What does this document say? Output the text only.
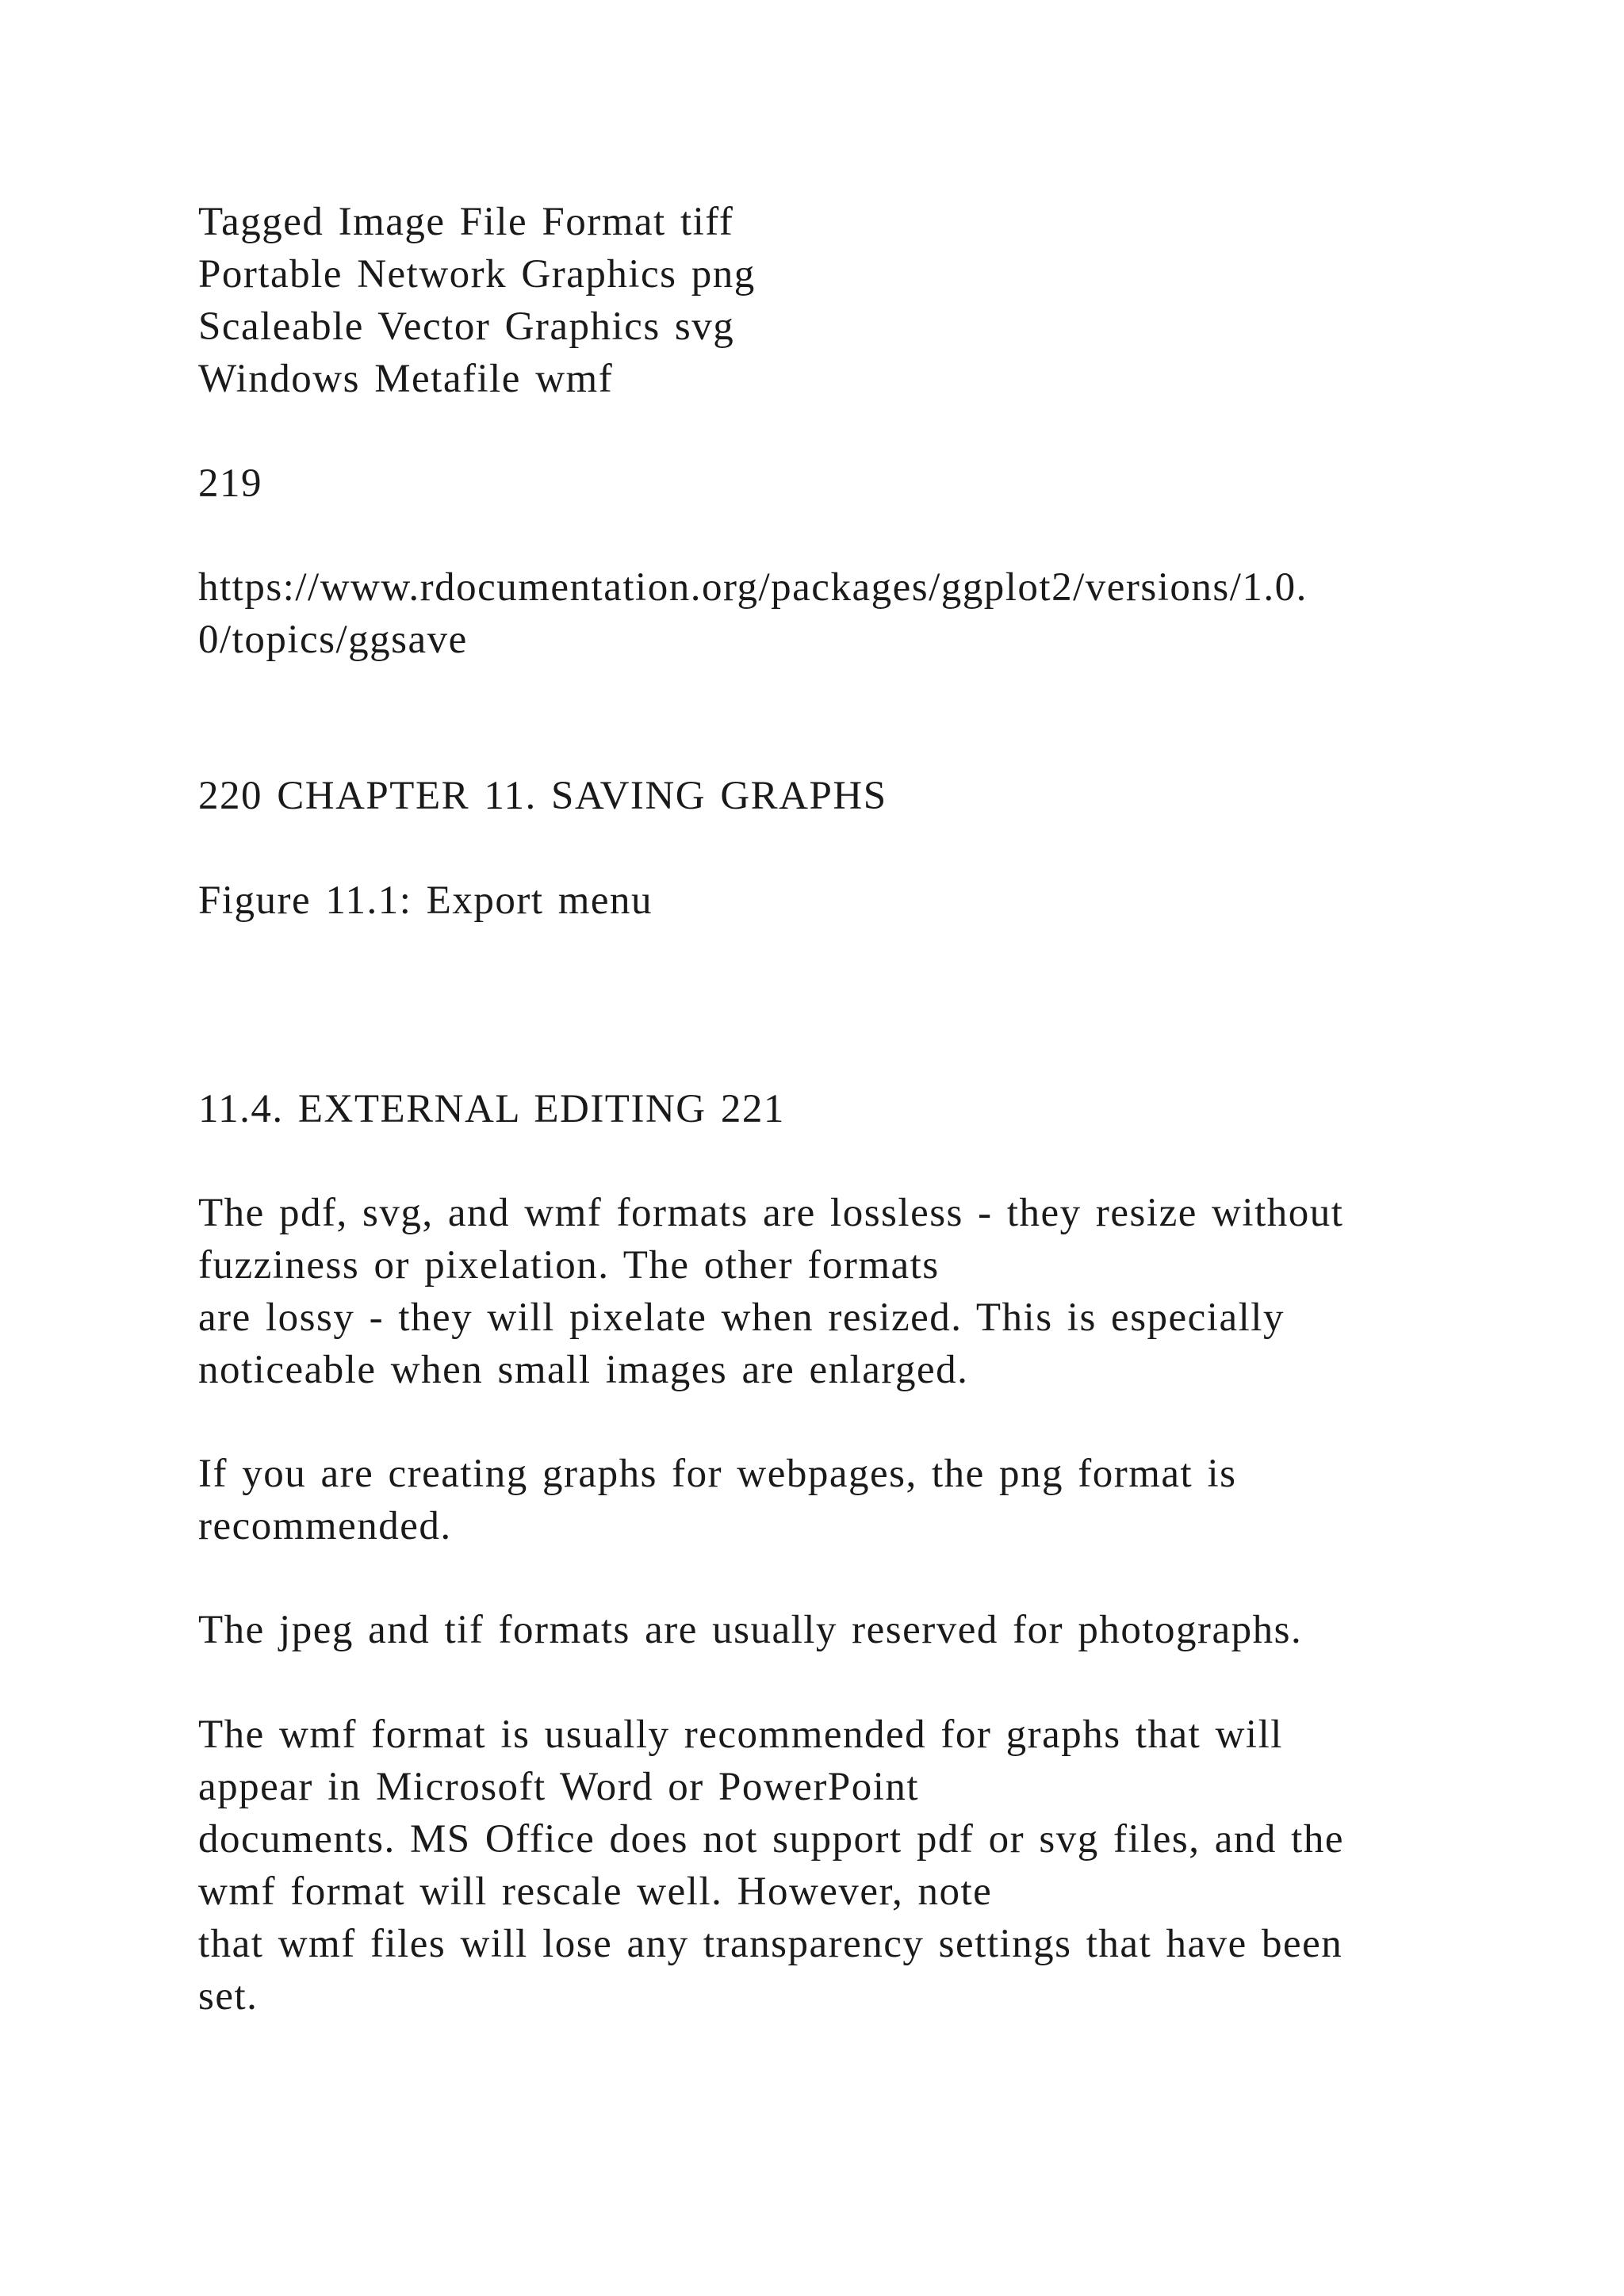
Tagged Image File Format tiff
Portable Network Graphics png
Scaleable Vector Graphics svg
Windows Metafile wmf
219
https://www.rdocumentation.org/packages/ggplot2/versions/1.0.
0/topics/ggsave
220 CHAPTER 11. SAVING GRAPHS
Figure 11.1: Export menu
11.4. EXTERNAL EDITING 221
The pdf, svg, and wmf formats are lossless - they resize without
fuzziness or pixelation. The other formats
are lossy - they will pixelate when resized. This is especially
noticeable when small images are enlarged.
If you are creating graphs for webpages, the png format is
recommended.
The jpeg and tif formats are usually reserved for photographs.
The wmf format is usually recommended for graphs that will
appear in Microsoft Word or PowerPoint
documents. MS Office does not support pdf or svg files, and the
wmf format will rescale well. However, note
that wmf files will lose any transparency settings that have been
set.
